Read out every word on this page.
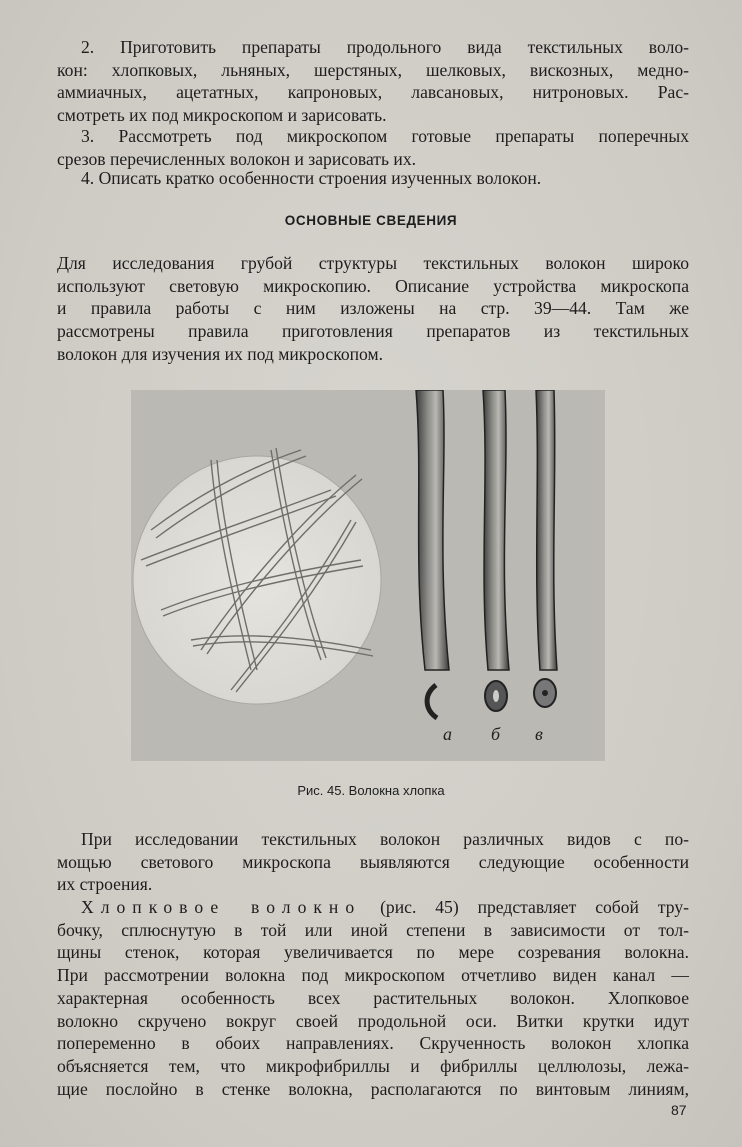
2. Приготовить препараты продольного вида текстильных воло-
кон: хлопковых, льняных, шерстяных, шелковых, вискозных, медно-
аммиачных, ацетатных, капроновых, лавсановых, нитроновых. Рас-
смотреть их под микроскопом и зарисовать.
3. Рассмотреть под микроскопом готовые препараты поперечных
срезов перечисленных волокон и зарисовать их.
4. Описать кратко особенности строения изученных волокон.
ОСНОВНЫЕ СВЕДЕНИЯ
Для исследования грубой структуры текстильных волокон широко
используют световую микроскопию. Описание устройства микроскопа
и правила работы с ним изложены на стр. 39—44. Там же
рассмотрены правила приготовления препаратов из текстильных
волокон для изучения их под микроскопом.
а б в
Рис. 45. Волокна хлопка
При исследовании текстильных волокон различных видов с по-
мощью светового микроскопа выявляются следующие особенности
их строения.
Хлопковое волокно (рис. 45) представляет собой тру-
бочку, сплюснутую в той или иной степени в зависимости от тол-
щины стенок, которая увеличивается по мере созревания волокна.
При рассмотрении волокна под микроскопом отчетливо виден канал —
характерная особенность всех растительных волокон. Хлопковое
волокно скручено вокруг своей продольной оси. Витки крутки идут
попеременно в обоих направлениях. Скрученность волокон хлопка
объясняется тем, что микрофибриллы и фибриллы целлюлозы, лежа-
щие послойно в стенке волокна, располагаются по винтовым линиям,
87
